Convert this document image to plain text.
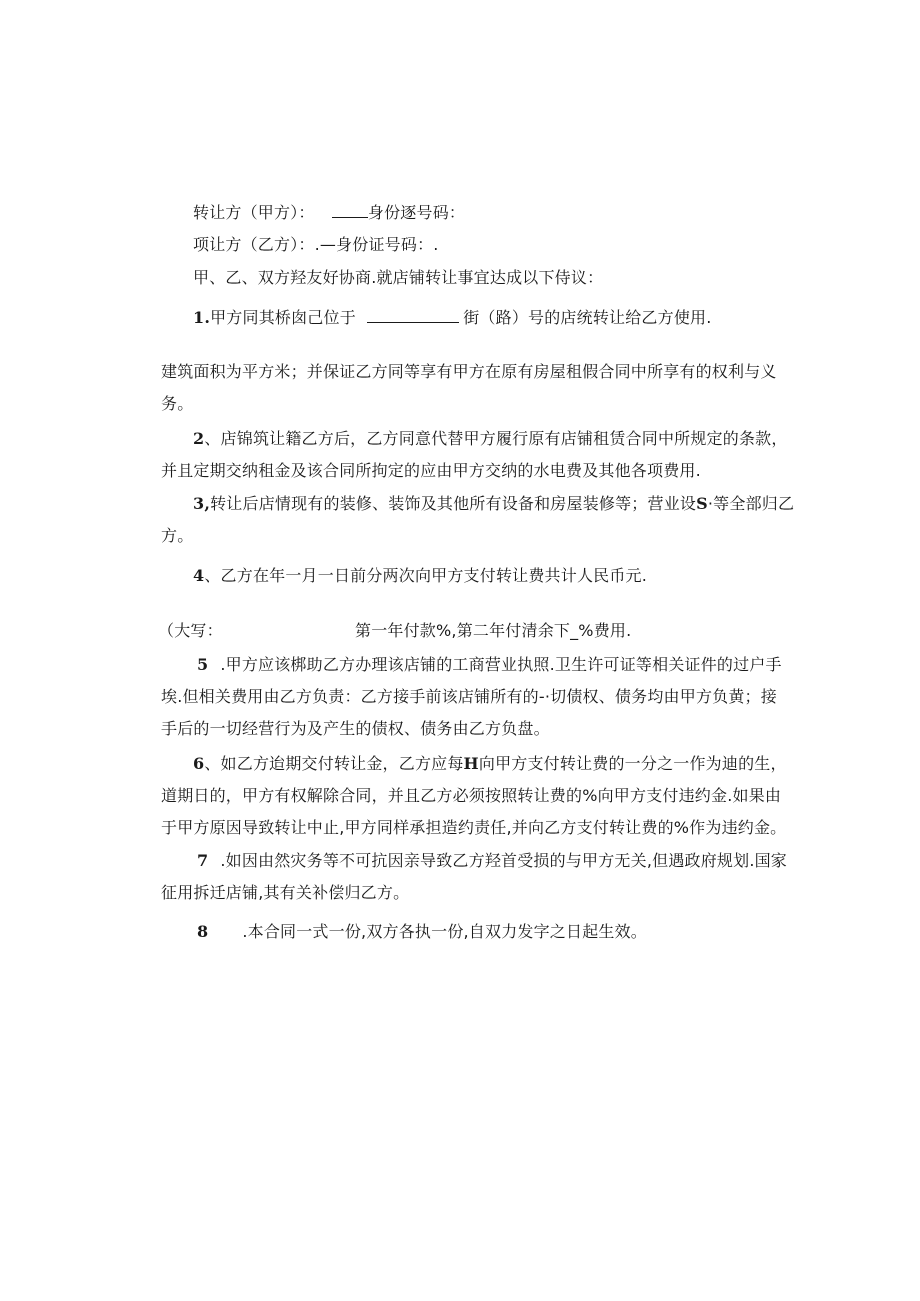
转让方（甲方）：	身份逐号码：
项让方（乙方）：.—身份证号码：.
甲、乙、双方羟友好协商.就店铺转让事宜达成以下侍议：
1.甲方同其桥囱己位于	街（路）号的店统转让给乙方使用.
建筑面积为平方米；并保证乙方同等享有甲方在原有房屋租假合同中所享有的权利与义
务。
2、店锦筑让籍乙方后，乙方同意代替甲方履行原有店铺租赁合同中所规定的条款，
并且定期交纳租金及该合同所拘定的应由甲方交纳的水电费及其他各项费用.
3,转让后店情现有的装修、装饰及其他所有设备和房屋装修等；营业设S·等全部归乙
方。
4、乙方在年一月一日前分两次向甲方支付转让费共计人民币元.
（大写：	第一年付款%,第二年付清余下_%费用.
5 .甲方应该梆助乙方办理该店铺的工商营业执照.卫生许可证等相关证件的过户手
埃.但相关费用由乙方负责：乙方接手前该店铺所有的-·切债权、债务均由甲方负黄；接
手后的一切经营行为及产生的债权、债务由乙方负盘。
6、如乙方迨期交付转让金，乙方应每H向甲方支付转让费的一分之一作为迪的生，
道期日的，甲方有权解除合同，并且乙方必须按照转让费的%向甲方支付违约金.如果由
于甲方原因导致转让中止,甲方同样承担造约责任,并向乙方支付转让费的%作为违约金。
7 .如因由然灾务等不可抗因亲导致乙方羟首受损的与甲方无关,但遇政府规划.国家
征用拆迁店铺,其有关补偿归乙方。
8 .本合同一式一份,双方各执一份,自双力发字之日起生效。
